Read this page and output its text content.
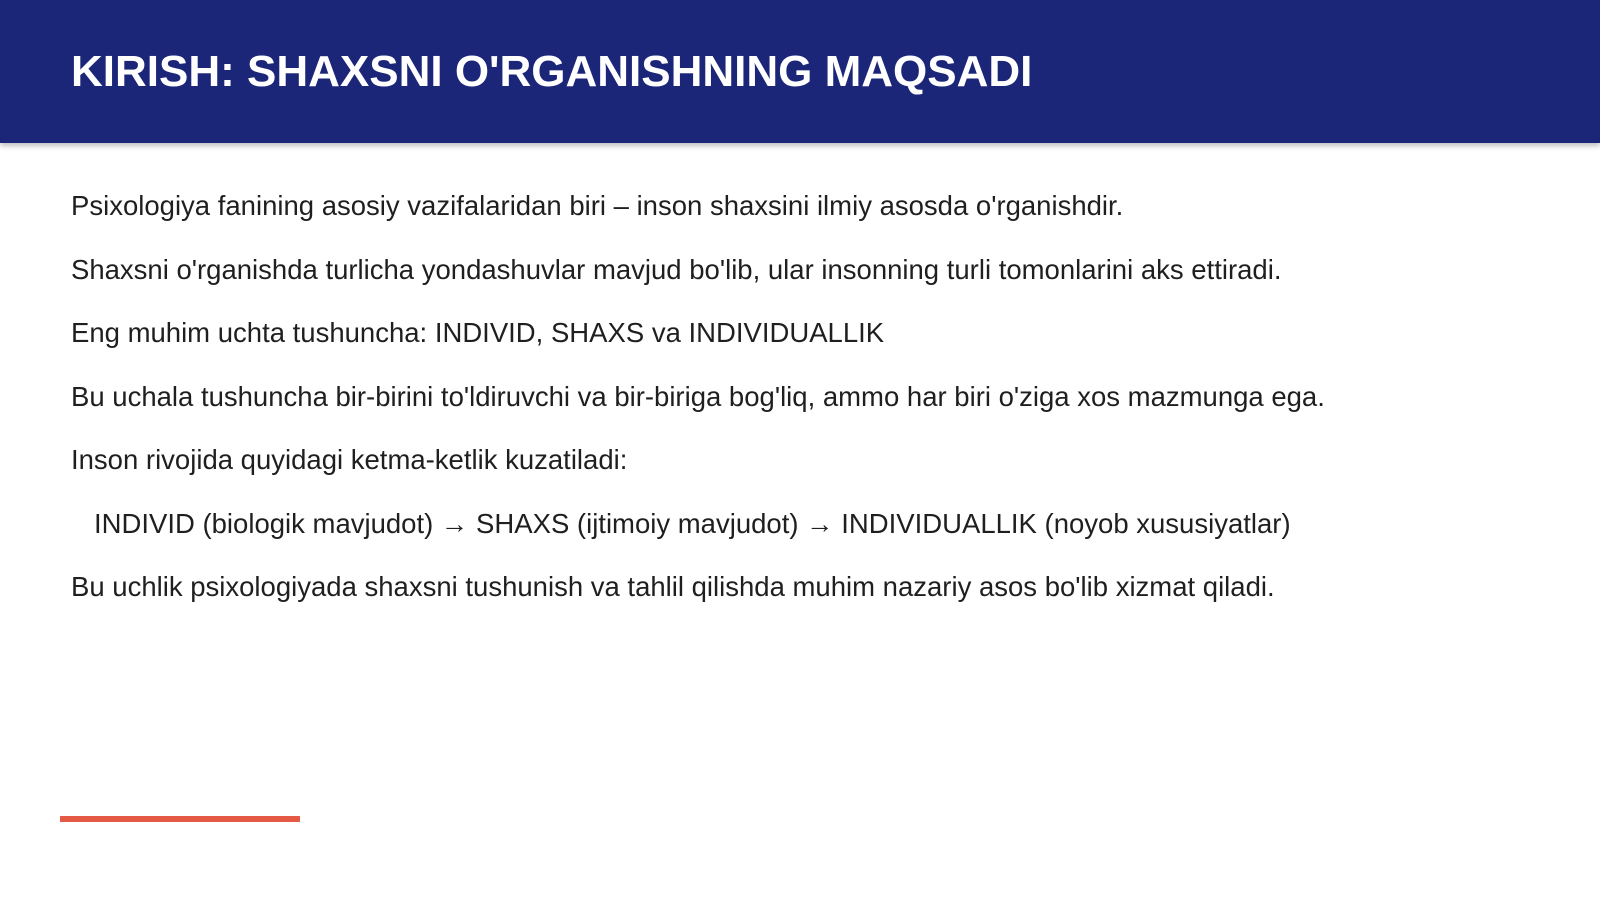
KIRISH: SHAXSNI O'RGANISHNING MAQSADI
Psixologiya fanining asosiy vazifalaridan biri – inson shaxsini ilmiy asosda o'rganishdir.
Shaxsni o'rganishda turlicha yondashuvlar mavjud bo'lib, ular insonning turli tomonlarini aks ettiradi.
Eng muhim uchta tushuncha: INDIVID, SHAXS va INDIVIDUALLIK
Bu uchala tushuncha bir-birini to'ldiruvchi va bir-biriga bog'liq, ammo har biri o'ziga xos mazmunga ega.
Inson rivojida quyidagi ketma-ketlik kuzatiladi:
INDIVID (biologik mavjudot) → SHAXS (ijtimoiy mavjudot) → INDIVIDUALLIK (noyob xususiyatlar)
Bu uchlik psixologiyada shaxsni tushunish va tahlil qilishda muhim nazariy asos bo'lib xizmat qiladi.
